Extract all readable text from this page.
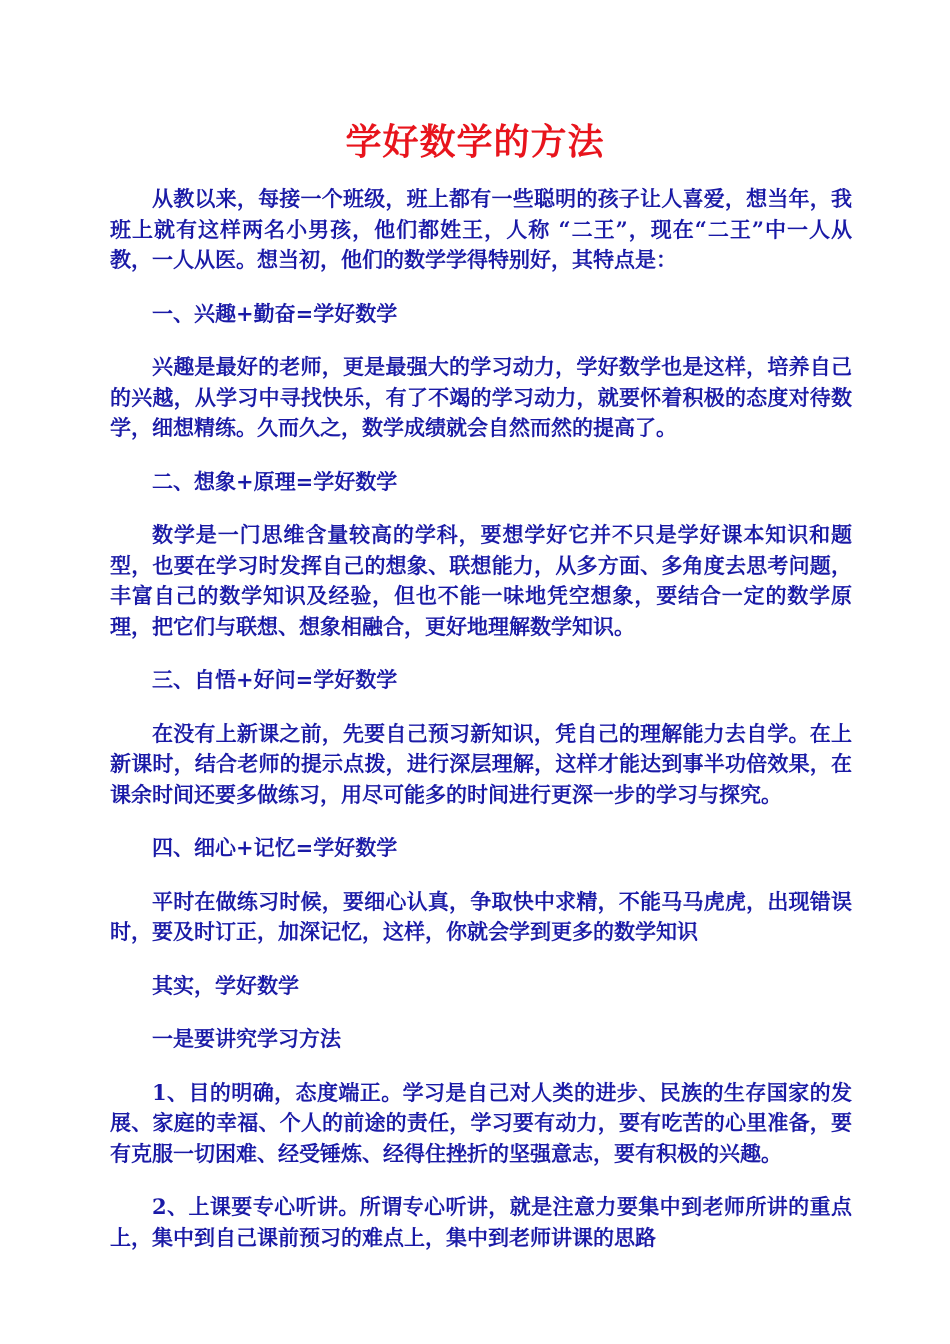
学好数学的方法

从教以来，每接一个班级，班上都有一些聪明的孩子让人喜爱，想当年，我班上就有这样两名小男孩，他们都姓王，人称 “二王”，现在“二王”中一人从教，一人从医。想当初，他们的数学学得特别好，其特点是：

一、兴趣+勤奋=学好数学

兴趣是最好的老师，更是最强大的学习动力，学好数学也是这样，培养自己的兴越，从学习中寻找快乐，有了不竭的学习动力，就要怀着积极的态度对待数学，细想精练。久而久之，数学成绩就会自然而然的提高了。

二、想象+原理=学好数学

数学是一门思维含量较高的学科，要想学好它并不只是学好课本知识和题型，也要在学习时发挥自己的想象、联想能力，从多方面、多角度去思考问题，丰富自己的数学知识及经验，但也不能一味地凭空想象，要结合一定的数学原理，把它们与联想、想象相融合，更好地理解数学知识。

三、自悟+好问=学好数学

在没有上新课之前，先要自己预习新知识，凭自己的理解能力去自学。在上新课时，结合老师的提示点拨，进行深层理解，这样才能达到事半功倍效果，在课余时间还要多做练习，用尽可能多的时间进行更深一步的学习与探究。

四、细心+记忆=学好数学

平时在做练习时候，要细心认真，争取快中求精，不能马马虎虎，出现错误时，要及时订正，加深记忆，这样，你就会学到更多的数学知识

其实，学好数学

一是要讲究学习方法

1、目的明确，态度端正。学习是自己对人类的进步、民族的生存国家的发展、家庭的幸福、个人的前途的责任，学习要有动力，要有吃苦的心里准备，要有克服一切困难、经受锤炼、经得住挫折的坚强意志，要有积极的兴趣。

2、上课要专心听讲。所谓专心听讲，就是注意力要集中到老师所讲的重点上，集中到自己课前预习的难点上，集中到老师讲课的思路
